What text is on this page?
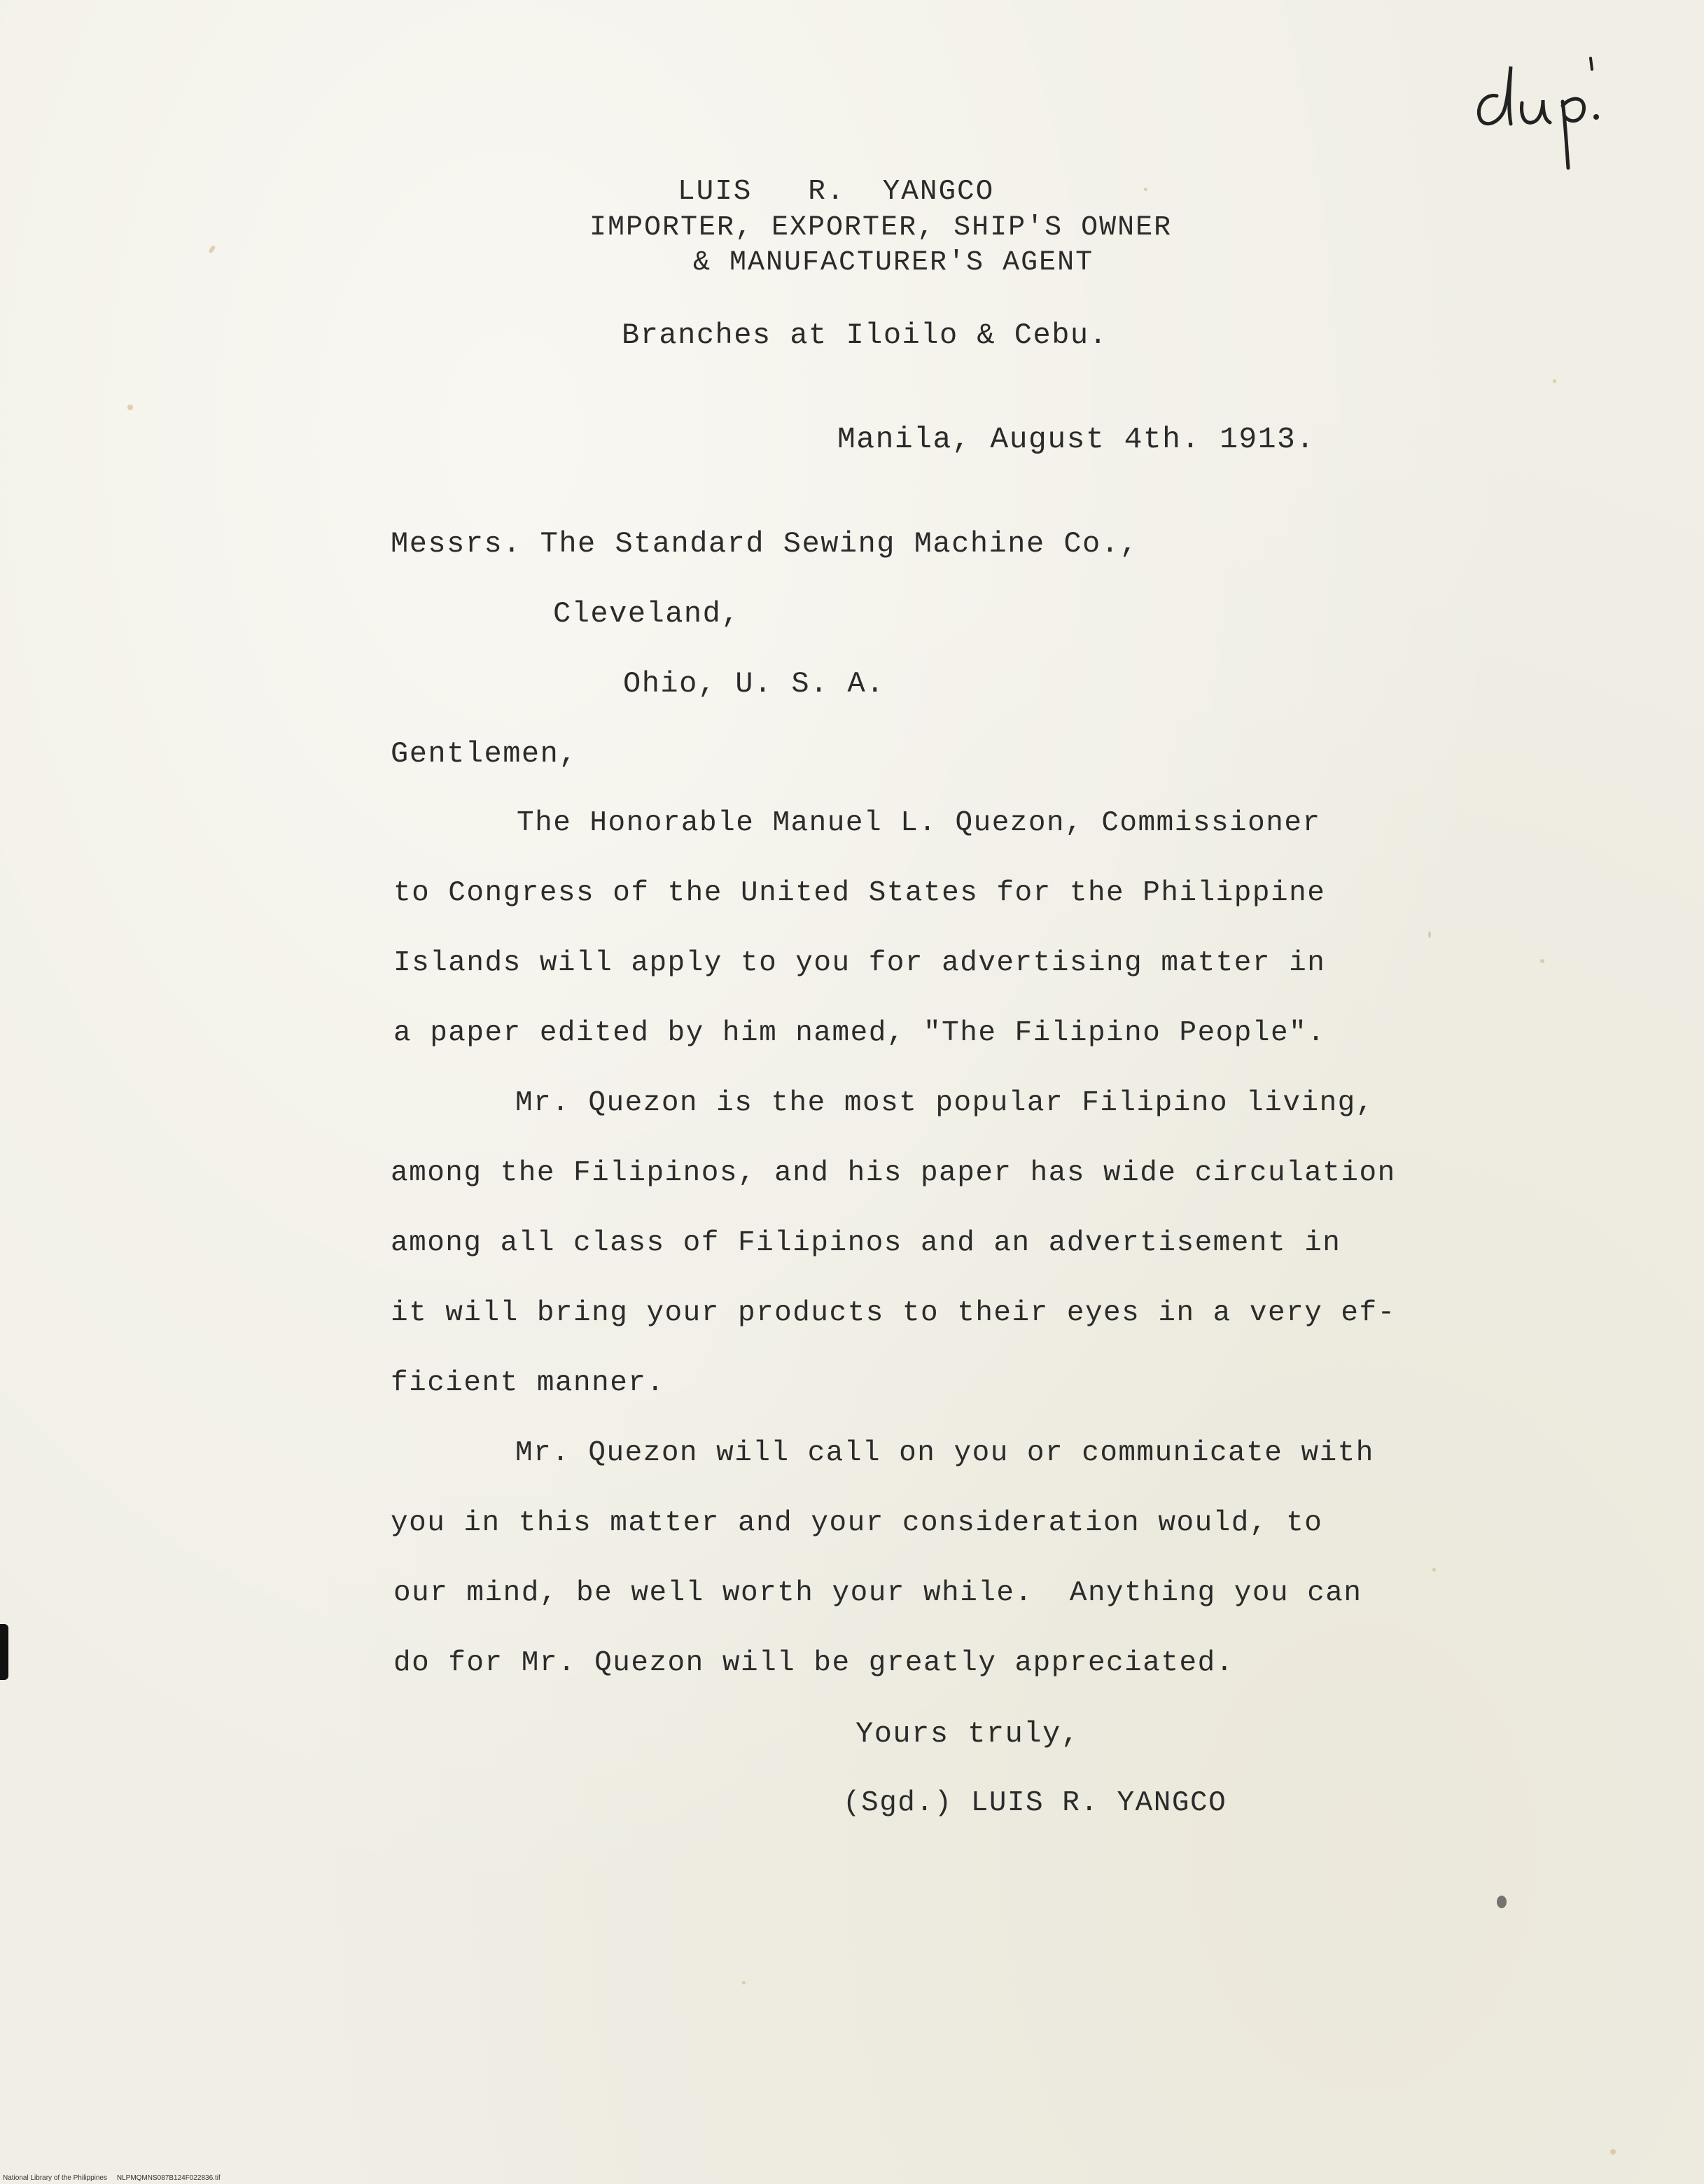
LUIS   R.  YANGCO
IMPORTER, EXPORTER, SHIP'S OWNER
& MANUFACTURER'S AGENT
Branches at Iloilo & Cebu.
Manila, August 4th. 1913.
Messrs. The Standard Sewing Machine Co.,
Cleveland,
Ohio, U. S. A.
Gentlemen,
The Honorable Manuel L. Quezon, Commissioner
to Congress of the United States for the Philippine
Islands will apply to you for advertising matter in
a paper edited by him named, "The Filipino People".
Mr. Quezon is the most popular Filipino living,
among the Filipinos, and his paper has wide circulation
among all class of Filipinos and an advertisement in
it will bring your products to their eyes in a very ef-
ficient manner.
Mr. Quezon will call on you or communicate with
you in this matter and your consideration would, to
our mind, be well worth your while.  Anything you can
do for Mr. Quezon will be greatly appreciated.
Yours truly,
(Sgd.) LUIS R. YANGCO
National Library of the Philippines     NLPMQMNS087B124F022836.tif
